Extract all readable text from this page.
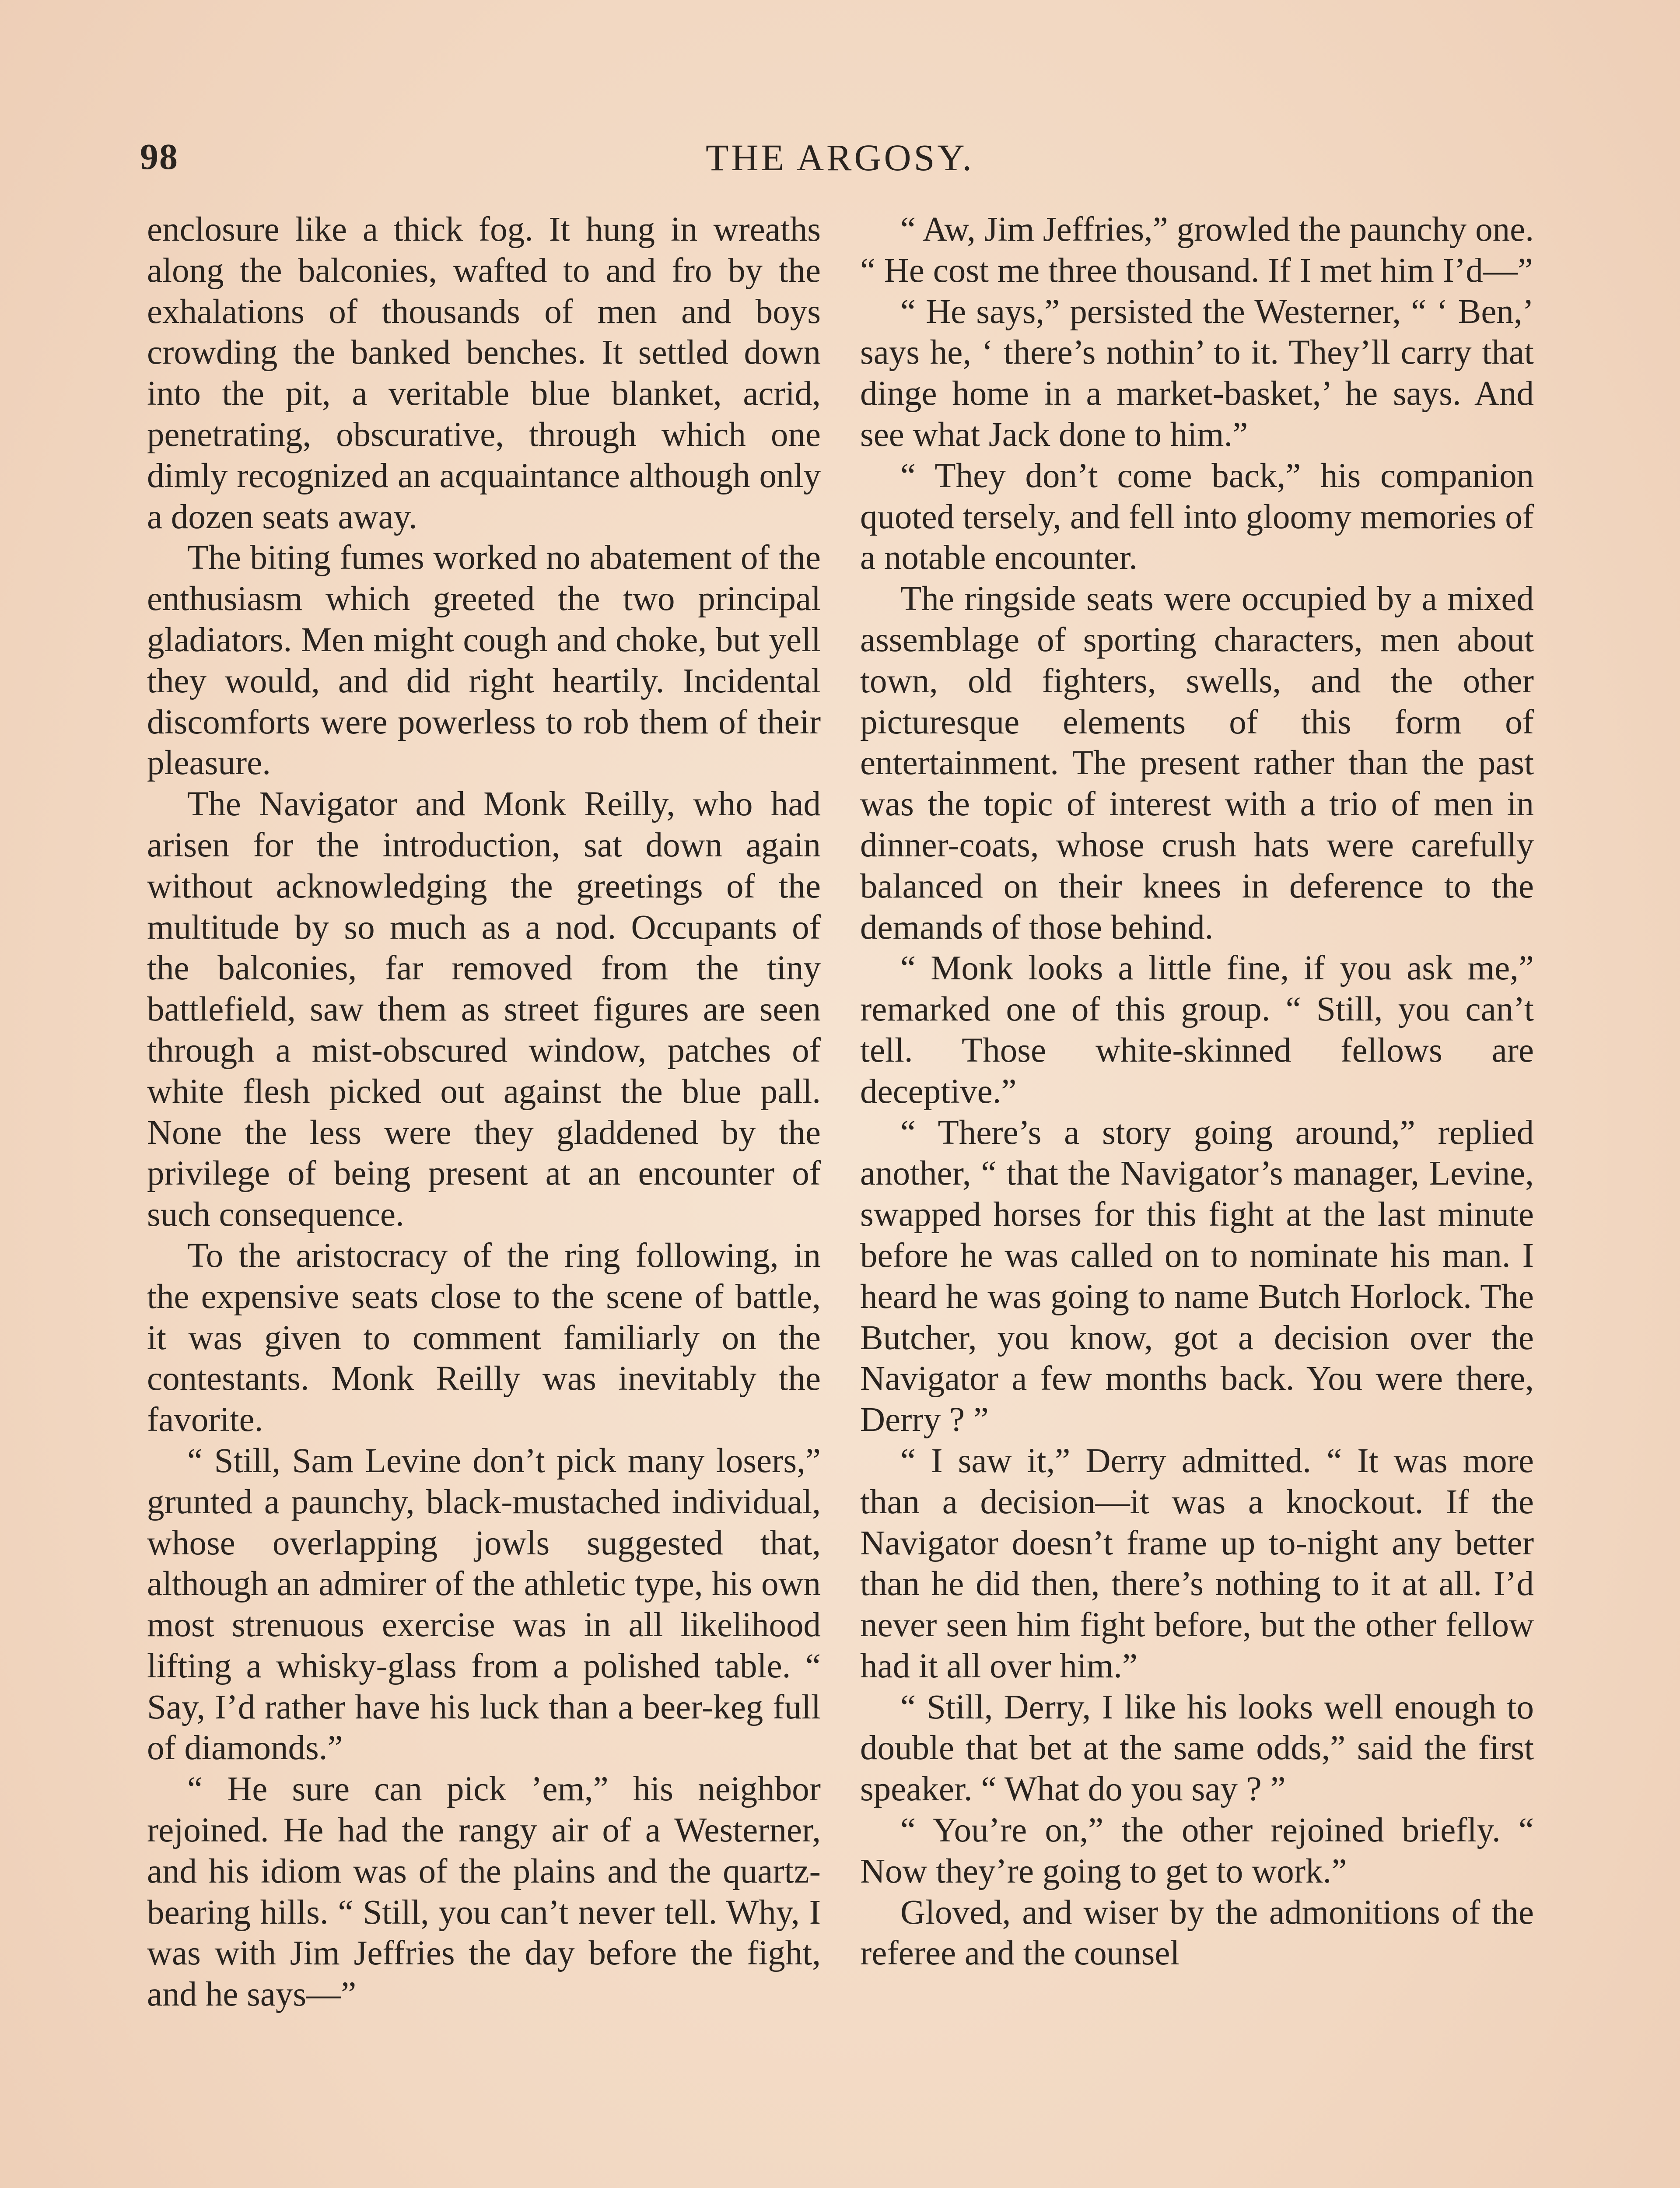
98	THE ARGOSY.

enclosure like a thick fog. It hung in wreaths along the balconies, wafted to and fro by the exhalations of thousands of men and boys crowding the banked benches. It settled down into the pit, a veritable blue blanket, acrid, penetrating, obscurative, through which one dimly recognized an acquaintance although only a dozen seats away.

The biting fumes worked no abatement of the enthusiasm which greeted the two principal gladiators. Men might cough and choke, but yell they would, and did right heartily. Incidental discomforts were powerless to rob them of their pleasure.

The Navigator and Monk Reilly, who had arisen for the introduction, sat down again without acknowledging the greetings of the multitude by so much as a nod. Occupants of the balconies, far removed from the tiny battlefield, saw them as street figures are seen through a mist-obscured window, patches of white flesh picked out against the blue pall. None the less were they gladdened by the privilege of being present at an encounter of such consequence.

To the aristocracy of the ring following, in the expensive seats close to the scene of battle, it was given to comment familiarly on the contestants. Monk Reilly was inevitably the favorite.

“ Still, Sam Levine don’t pick many losers,” grunted a paunchy, black-mustached individual, whose overlapping jowls suggested that, although an admirer of the athletic type, his own most strenuous exercise was in all likelihood lifting a whisky-glass from a polished table. “ Say, I’d rather have his luck than a beer-keg full of diamonds.”

“ He sure can pick ’em,” his neighbor rejoined. He had the rangy air of a Westerner, and his idiom was of the plains and the quartz-bearing hills. “ Still, you can’t never tell. Why, I was with Jim Jeffries the day before the fight, and he says—”

“ Aw, Jim Jeffries,” growled the paunchy one. “ He cost me three thousand. If I met him I’d—”

“ He says,” persisted the Westerner, “ ‘ Ben,’ says he, ‘ there’s nothin’ to it. They’ll carry that dinge home in a market-basket,’ he says. And see what Jack done to him.”

“ They don’t come back,” his companion quoted tersely, and fell into gloomy memories of a notable encounter.

The ringside seats were occupied by a mixed assemblage of sporting characters, men about town, old fighters, swells, and the other picturesque elements of this form of entertainment. The present rather than the past was the topic of interest with a trio of men in dinner-coats, whose crush hats were carefully balanced on their knees in deference to the demands of those behind.

“ Monk looks a little fine, if you ask me,” remarked one of this group. “ Still, you can’t tell. Those white-skinned fellows are deceptive.”

“ There’s a story going around,” replied another, “ that the Navigator’s manager, Levine, swapped horses for this fight at the last minute before he was called on to nominate his man. I heard he was going to name Butch Horlock. The Butcher, you know, got a decision over the Navigator a few months back. You were there, Derry ? ”

“ I saw it,” Derry admitted. “ It was more than a decision—it was a knockout. If the Navigator doesn’t frame up to-night any better than he did then, there’s nothing to it at all. I’d never seen him fight before, but the other fellow had it all over him.”

“ Still, Derry, I like his looks well enough to double that bet at the same odds,” said the first speaker. “ What do you say ? ”

“ You’re on,” the other rejoined briefly. “ Now they’re going to get to work.”

Gloved, and wiser by the admonitions of the referee and the counsel
